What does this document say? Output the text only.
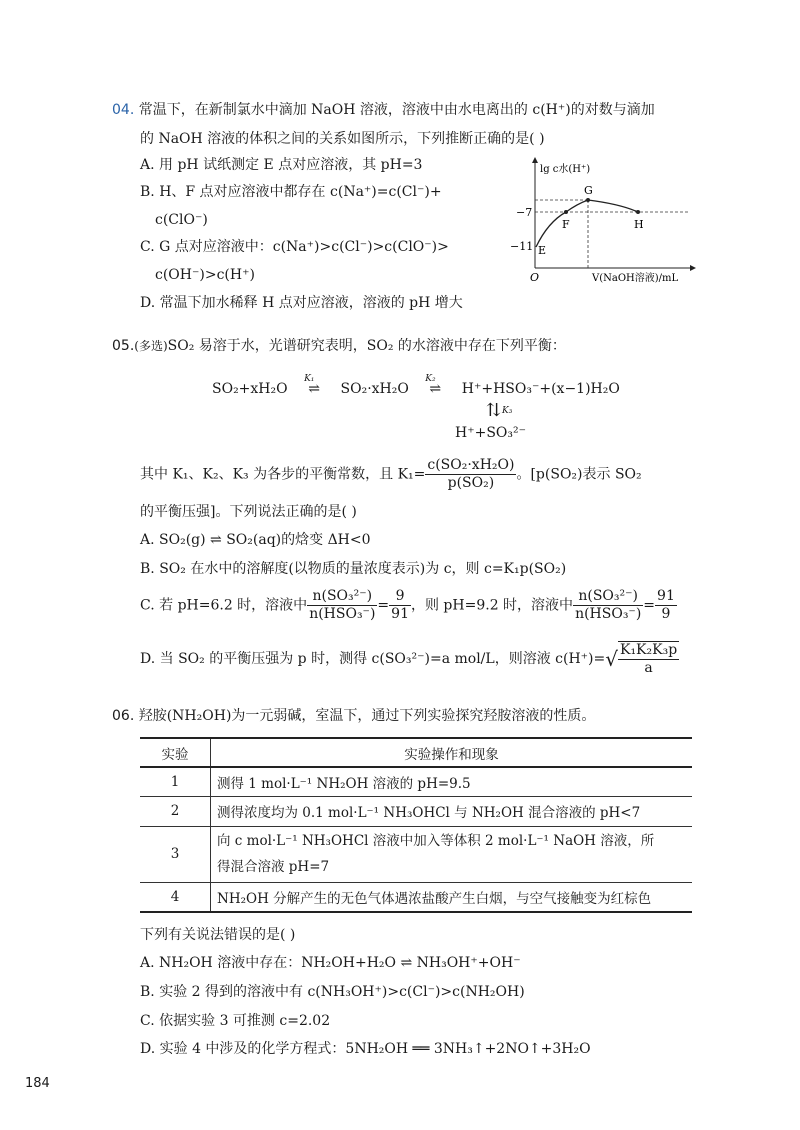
04. 常温下，在新制氯水中滴加 NaOH 溶液，溶液中由水电离出的 c(H⁺)的对数与滴加
的 NaOH 溶液的体积之间的关系如图所示，下列推断正确的是( )
A. 用 pH 试纸测定 E 点对应溶液，其 pH=3
B. H、F 点对应溶液中都存在 c(Na⁺)=c(Cl⁻)+
c(ClO⁻)
C. G 点对应溶液中：c(Na⁺)>c(Cl⁻)>c(ClO⁻)>
c(OH⁻)>c(H⁺)
D. 常温下加水稀释 H 点对应溶液，溶液的 pH 增大
lg c水(H⁺)
−7
−11 E
F
G
H
O	V(NaOH溶液)/mL
05.(多选)SO₂ 易溶于水，光谱研究表明，SO₂ 的水溶液中存在下列平衡：
SO₂+xH₂O
K₁
⇌ SO₂·xH₂O
K₂
⇌ H⁺+HSO₃⁻+(x−1)H₂O
⇅ K₃
H⁺+SO₃²⁻
其中 K₁、K₂、K₃ 为各步的平衡常数，且 $K_1= \frac{\text{c(SO₂·xH₂O)}}{\text{p(SO₂)}}$ 。[p(SO₂)表示 SO₂
的平衡压强]。下列说法正确的是( )
A. SO₂(g) ⇌ SO₂(aq)的焓变 ΔH<0
B. SO₂ 在水中的溶解度(以物质的量浓度表示)为 c，则 c=K₁p(SO₂)
C. 若 pH=6.2 时，溶液中 $\frac{\text{n(SO₃²⁻)}}{\text{n(HSO₃⁻)}} = \frac{9}{91}$ ，则 pH=9.2 时，溶液中 $\frac{\text{n(SO₃²⁻)}}{\text{n(HSO₃⁻)}} = \frac{91}{9}$
D. 当 SO₂ 的平衡压强为 p 时，测得 c(SO₃²⁻)=a mol/L，则溶液 $c(H^+)=√ \frac{\text{K₁K₂K₃p}}{a}$
06. 羟胺(NH₂OH)为一元弱碱，室温下，通过下列实验探究羟胺溶液的性质。
实验	实验操作和现象
1	测得 1 mol·L⁻¹ NH₂OH 溶液的 pH=9.5
2	测得浓度均为 0.1 mol·L⁻¹ NH₃OHCl 与 NH₂OH 混合溶液的 pH<7
3	向 c mol·L⁻¹ NH₃OHCl 溶液中加入等体积 2 mol·L⁻¹ NaOH 溶液，所
得混合溶液 pH=7

4	NH₂OH 分解产生的无色气体遇浓盐酸产生白烟，与空气接触变为红棕色
下列有关说法错误的是( )
A. NH₂OH 溶液中存在：NH₂OH+H₂O ⇌ NH₃OH⁺+OH⁻
B. 实验 2 得到的溶液中有 c(NH₃OH⁺)>c(Cl⁻)>c(NH₂OH)
C. 依据实验 3 可推测 c=2.02
D. 实验 4 中涉及的化学方程式：5NH₂OH ══ 3NH₃↑+2NO↑+3H₂O
184
